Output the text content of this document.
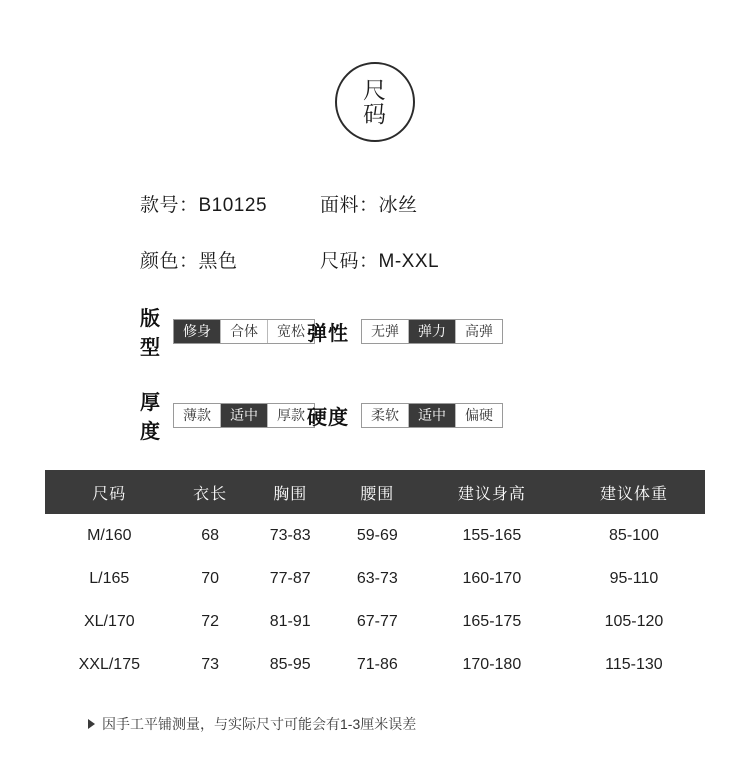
尺
码
款号：B10125	面料：冰丝
颜色：黑色	尺码：M-XXL
版型
修身	合体	宽松 弹性	无弹	弹力	高弹
厚度
薄款	适中	厚款 硬度	柔软	适中	偏硬
尺码	衣长	胸围	腰围	建议身高	建议体重
M/160	68	73-83	59-69	155-165	85-100
L/165	70	77-87	63-73	160-170	95-110
XL/170	72	81-91	67-77	165-175	105-120
XXL/175	73	85-95	71-86	170-180	115-130
因手工平铺测量，与实际尺寸可能会有1-3厘米误差
